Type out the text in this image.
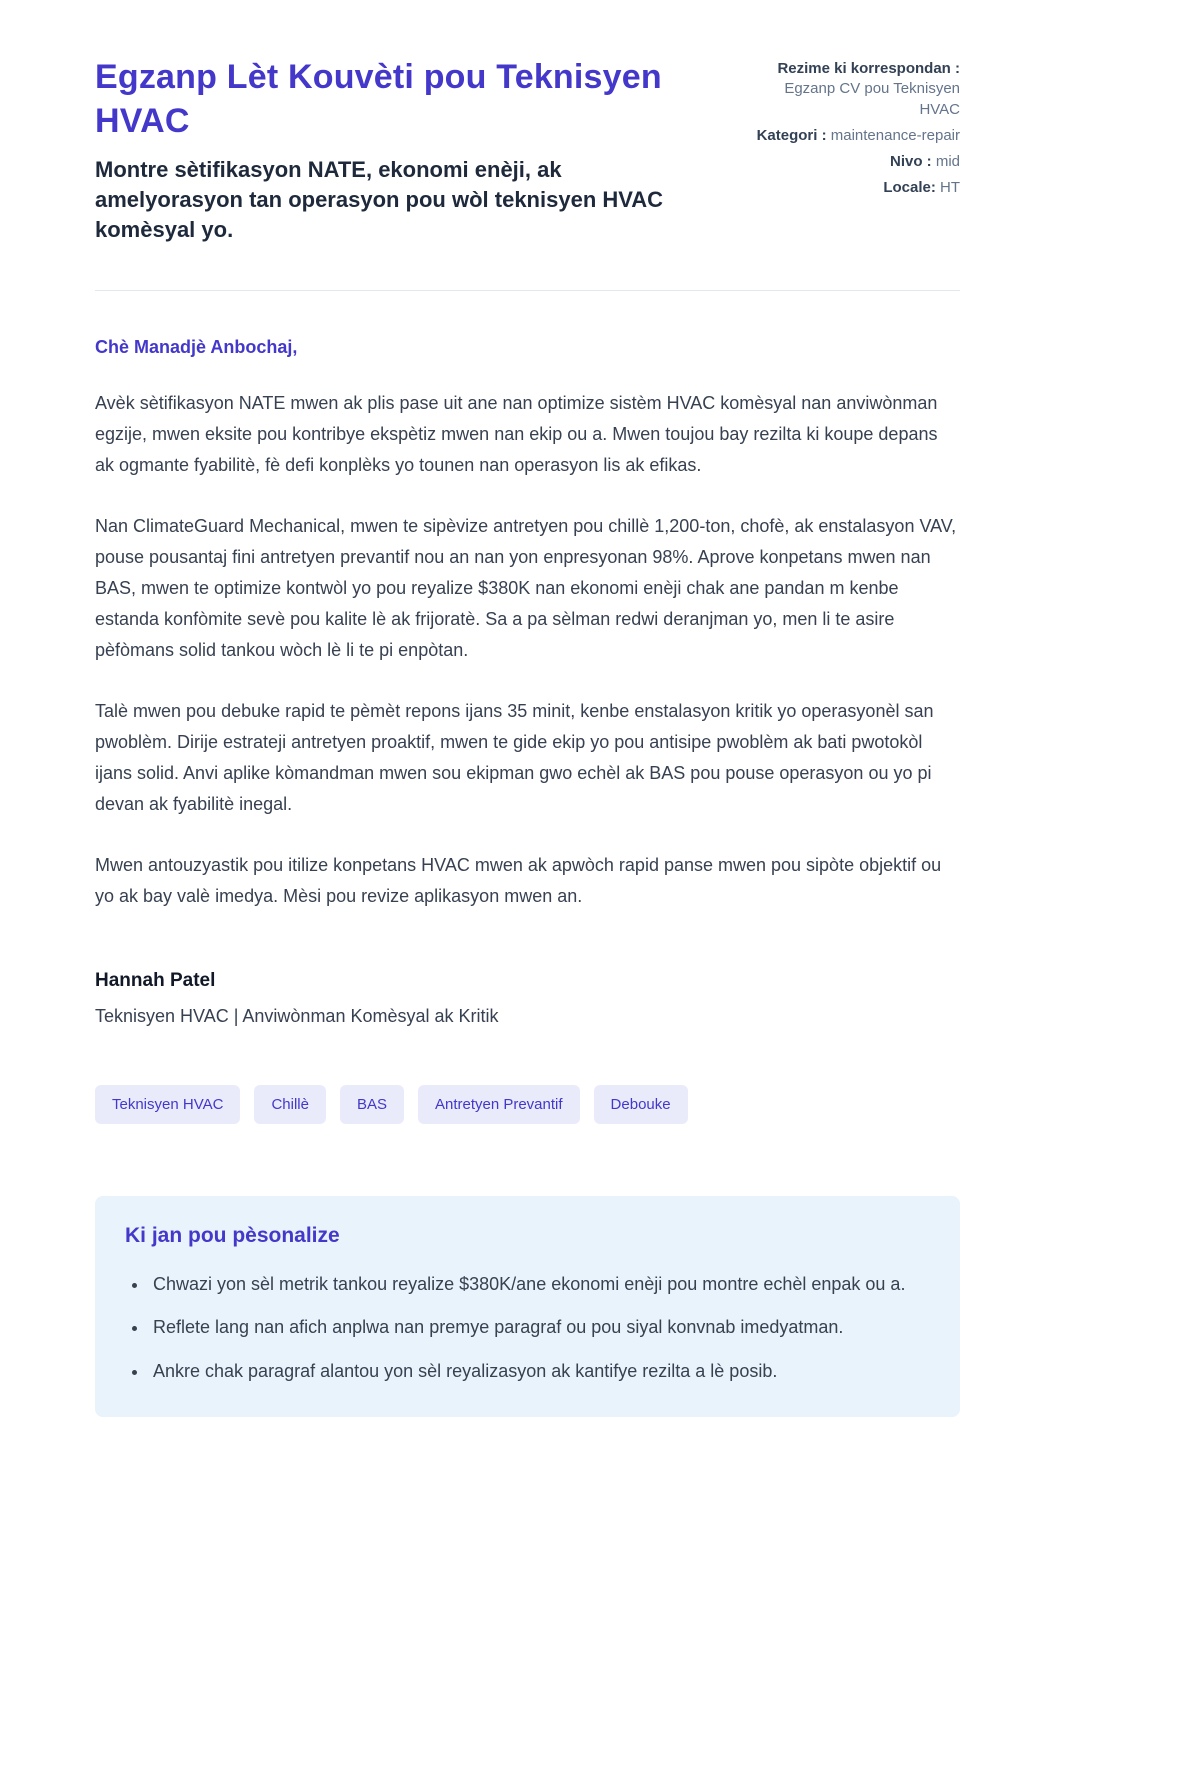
Egzanp Lèt Kouvèti pou Teknisyen HVAC

Montre sètifikasyon NATE, ekonomi enèji, ak amelyorasyon tan operasyon pou wòl teknisyen HVAC komèsyal yo.

Rezime ki korrespondan : Egzanp CV pou Teknisyen HVAC
Kategori : maintenance-repair
Nivo : mid
Locale: HT

Chè Manadjè Anbochaj,

Avèk sètifikasyon NATE mwen ak plis pase uit ane nan optimize sistèm HVAC komèsyal nan anviwònman egzije, mwen eksite pou kontribye ekspètiz mwen nan ekip ou a. Mwen toujou bay rezilta ki koupe depans ak ogmante fyabilitè, fè defi konplèks yo tounen nan operasyon lis ak efikas.

Nan ClimateGuard Mechanical, mwen te sipèvize antretyen pou chillè 1,200-ton, chofè, ak enstalasyon VAV, pouse pousantaj fini antretyen prevantif nou an nan yon enpresyonan 98%. Aprove konpetans mwen nan BAS, mwen te optimize kontwòl yo pou reyalize $380K nan ekonomi enèji chak ane pandan m kenbe estanda konfòmite sevè pou kalite lè ak frijoratè. Sa a pa sèlman redwi deranjman yo, men li te asire pèfòmans solid tankou wòch lè li te pi enpòtan.

Talè mwen pou debuke rapid te pèmèt repons ijans 35 minit, kenbe enstalasyon kritik yo operasyonèl san pwoblèm. Dirije estrateji antretyen proaktif, mwen te gide ekip yo pou antisipe pwoblèm ak bati pwotokòl ijans solid. Anvi aplike kòmandman mwen sou ekipman gwo echèl ak BAS pou pouse operasyon ou yo pi devan ak fyabilitè inegal.

Mwen antouzyastik pou itilize konpetans HVAC mwen ak apwòch rapid panse mwen pou sipòte objektif ou yo ak bay valè imedya. Mèsi pou revize aplikasyon mwen an.

Hannah Patel

Teknisyen HVAC | Anviwònman Komèsyal ak Kritik

Teknisyen HVAC	Chillè	BAS	Antretyen Prevantif	Debouke
Ki jan pou pèsonalize
• Chwazi yon sèl metrik tankou reyalize $380K/ane ekonomi enèji pou montre echèl enpak ou a.
• Reflete lang nan afich anplwa nan premye paragraf ou pou siyal konvnab imedyatman.
• Ankre chak paragraf alantou yon sèl reyalizasyon ak kantifye rezilta a lè posib.
